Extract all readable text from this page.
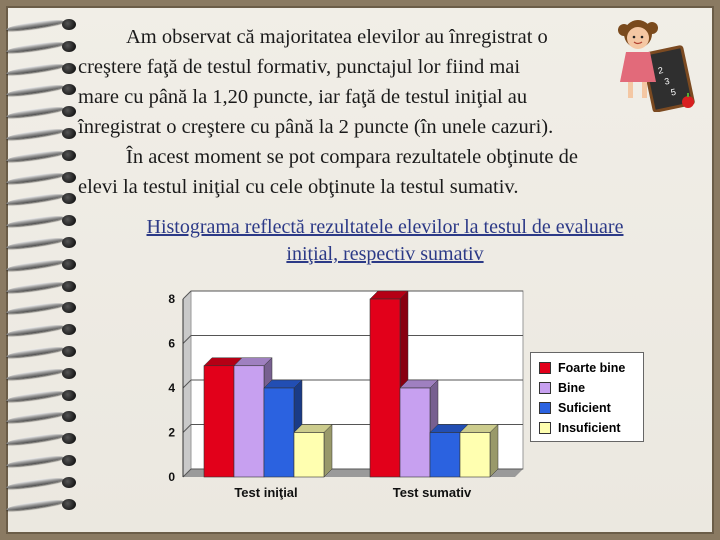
2
3
5
Am observat că majoritatea elevilor au înregistrat o
creştere faţă de testul formativ, punctajul lor fiind mai
mare cu până la 1,20 puncte, iar faţă de testul iniţial au
înregistrat o creştere cu până la 2 puncte (în unele cazuri).
În acest moment se pot compara rezultatele obţinute de
elevi la testul iniţial cu cele obţinute la testul sumativ.
Histograma reflectă rezultatele elevilor la testul de evaluare
iniţial, respectiv sumativ
0
2
4
6
8
Test iniţial	Test sumativ
Foarte bine
Bine
Suficient
Insuficient
